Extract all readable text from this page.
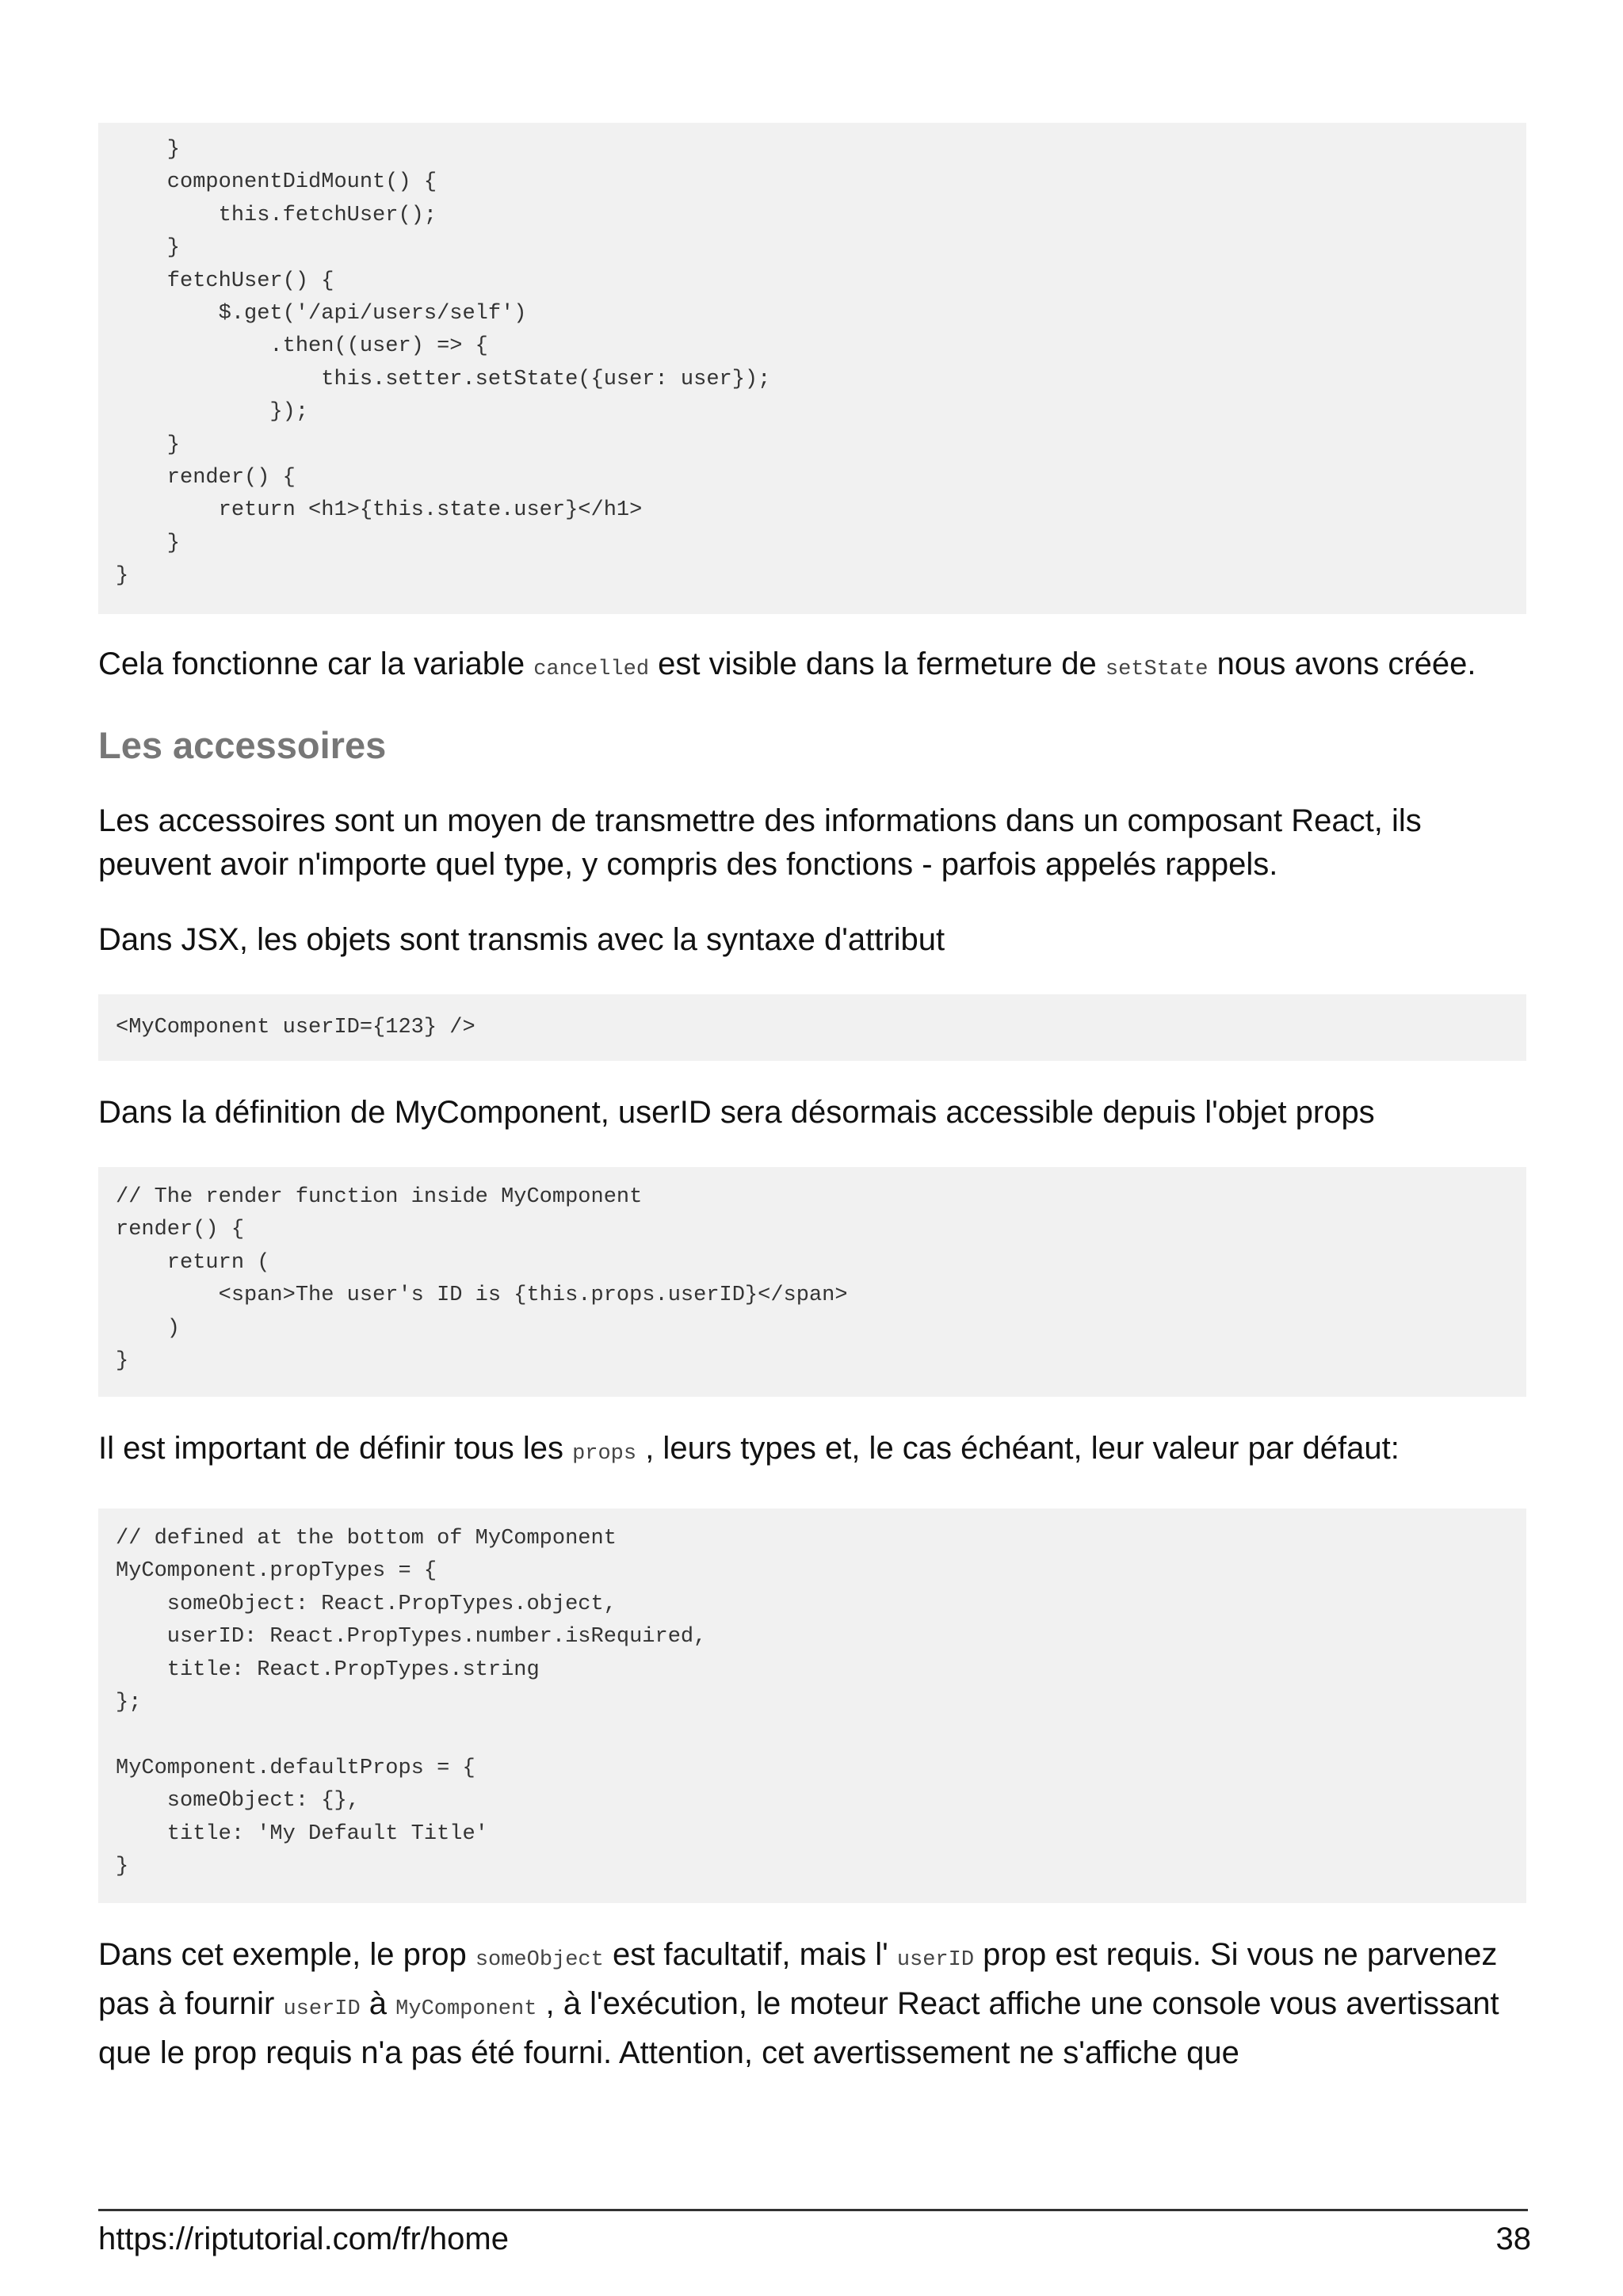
}
componentDidMount() {
this.fetchUser();
}
fetchUser() {
$.get('/api/users/self')
.then((user) => {
this.setter.setState({user: user});
});
}
render() {
return <h1>{this.state.user}</h1>
}
}

Cela fonctionne car la variable cancelled est visible dans la fermeture de setState nous avons créée.

Les accessoires

Les accessoires sont un moyen de transmettre des informations dans un composant React, ils peuvent avoir n'importe quel type, y compris des fonctions - parfois appelés rappels.

Dans JSX, les objets sont transmis avec la syntaxe d'attribut

<MyComponent userID={123} />

Dans la définition de MyComponent, userID sera désormais accessible depuis l'objet props

// The render function inside MyComponent
render() {
return (
<span>The user's ID is {this.props.userID}</span>
)
}

Il est important de définir tous les props , leurs types et, le cas échéant, leur valeur par défaut:

// defined at the bottom of MyComponent
MyComponent.propTypes = {
someObject: React.PropTypes.object,
userID: React.PropTypes.number.isRequired,
title: React.PropTypes.string
};
MyComponent.defaultProps = {
someObject: {},
title: 'My Default Title'
}

Dans cet exemple, le prop someObject est facultatif, mais l' userID prop est requis. Si vous ne parvenez pas à fournir userID à MyComponent , à l'exécution, le moteur React affiche une console vous avertissant que le prop requis n'a pas été fourni. Attention, cet avertissement ne s'affiche que

https://riptutorial.com/fr/home	38
